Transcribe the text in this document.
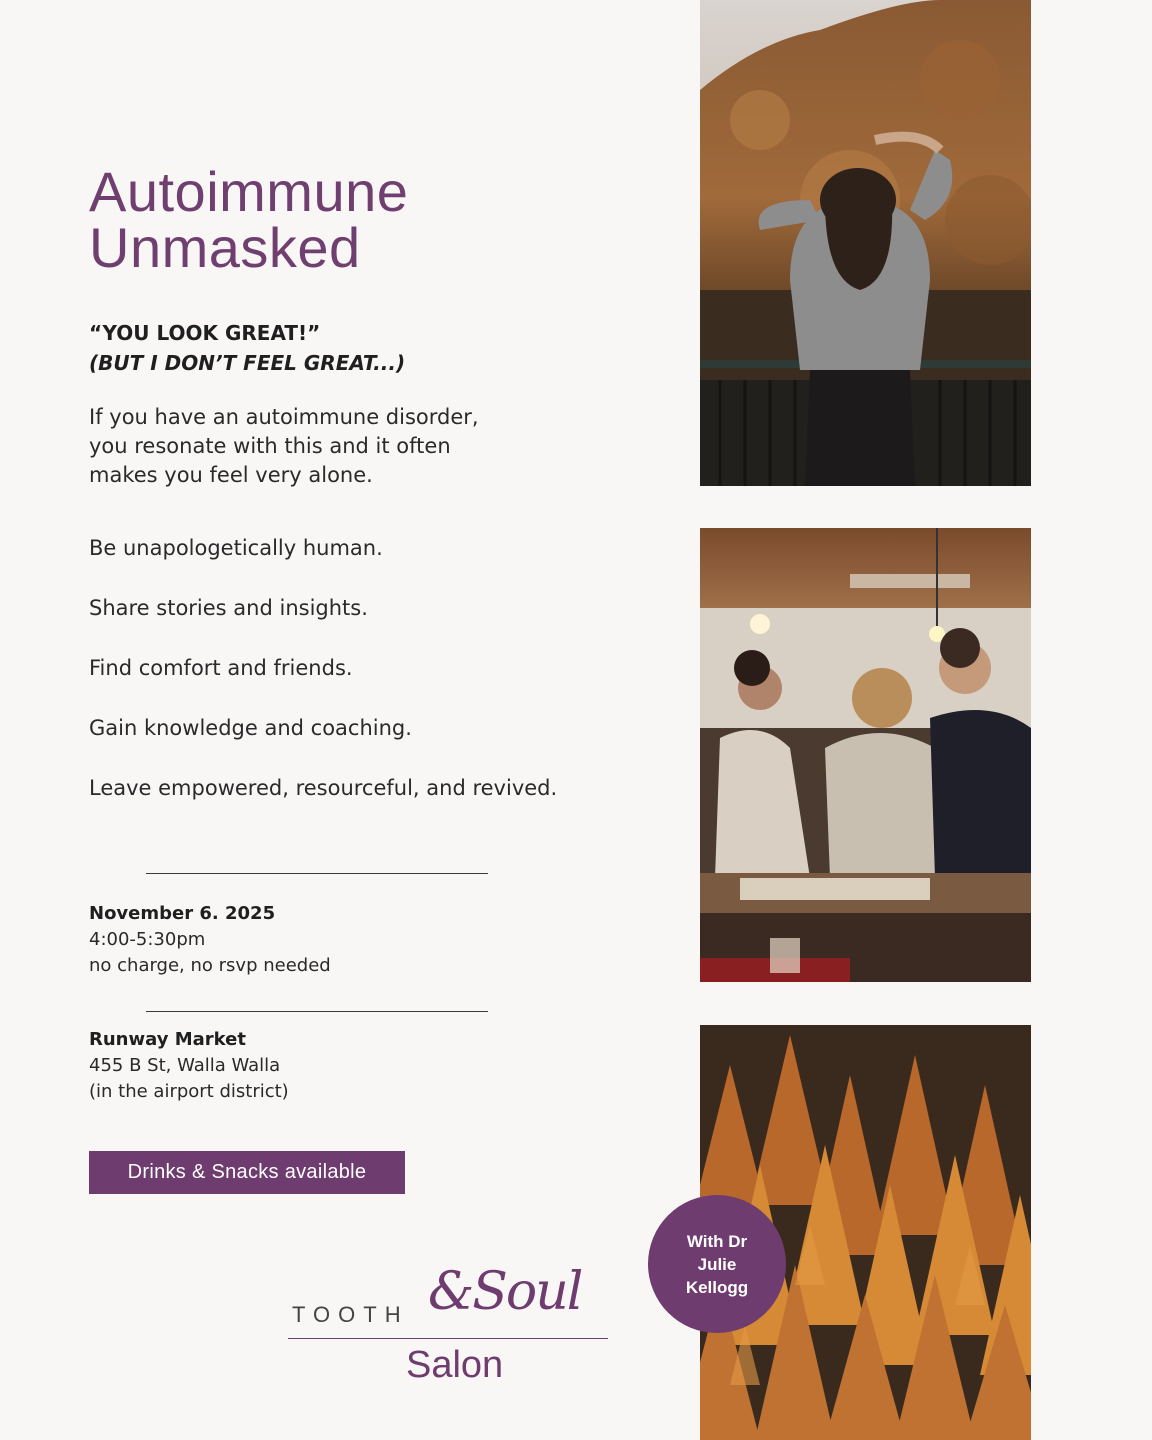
Autoimmune
Unmasked
“YOU LOOK GREAT!”
(BUT I DON’T FEEL GREAT...)
If you have an autoimmune disorder,
you resonate with this and it often
makes you feel very alone.
Be unapologetically human.
Share stories and insights.
Find comfort and friends.
Gain knowledge and coaching.
Leave empowered, resourceful, and revived.
November 6. 2025
4:00-5:30pm
no charge, no rsvp needed
Runway Market
455 B St, Walla Walla
(in the airport district)
Drinks & Snacks available
With Dr
Julie
Kellogg
TOOTH &Soul
Salon
